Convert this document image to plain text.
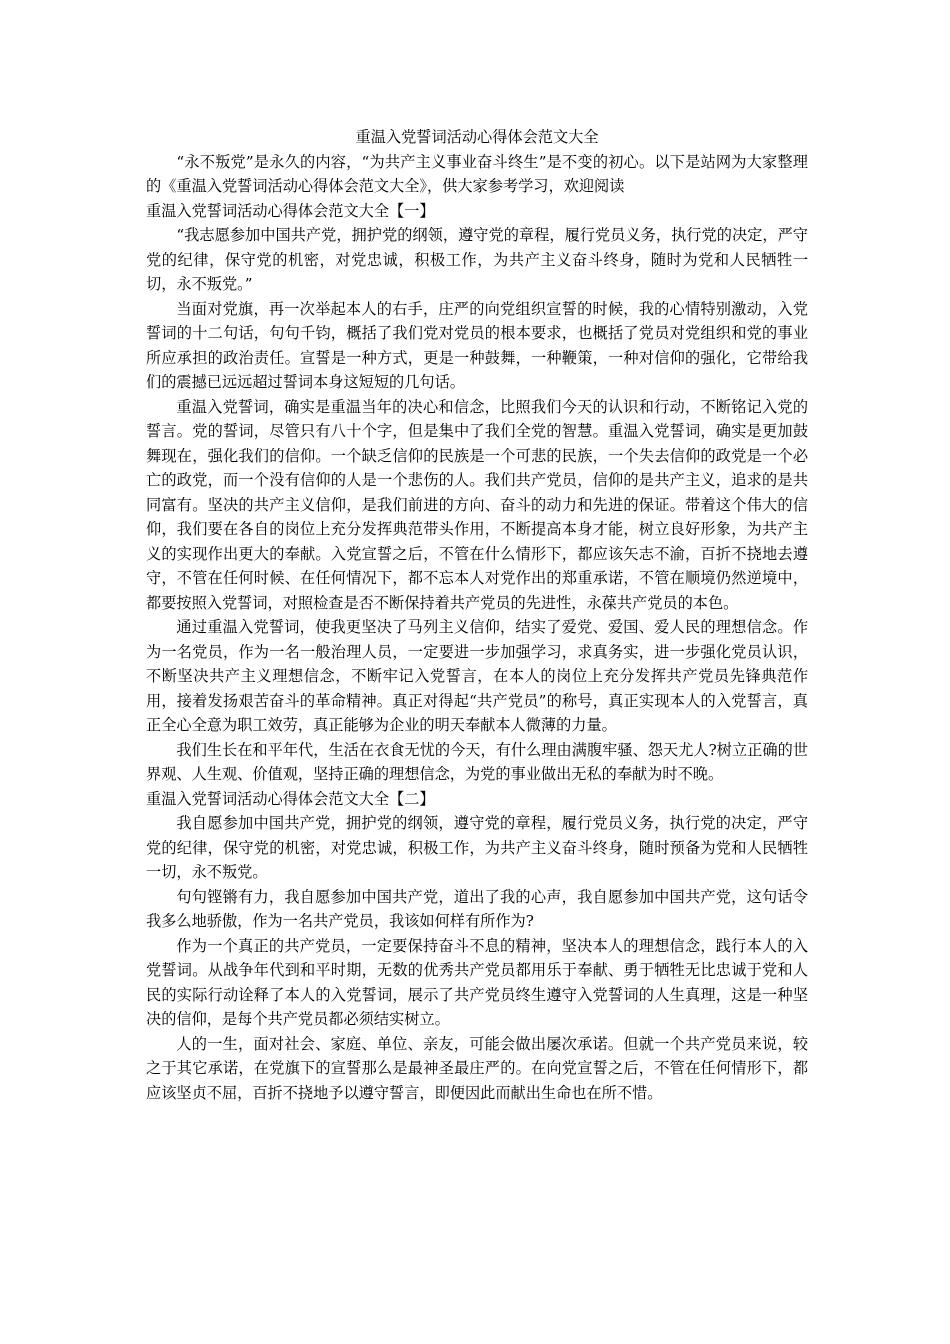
重温入党誓词活动心得体会范文大全

“永不叛党”是永久的内容，“为共产主义事业奋斗终生”是不变的初心。以下是站网为大家整理的《重温入党誓词活动心得体会范文大全》，供大家参考学习，欢迎阅读

重温入党誓词活动心得体会范文大全【一】

“我志愿参加中国共产党，拥护党的纲领，遵守党的章程，履行党员义务，执行党的决定，严守党的纪律，保守党的机密，对党忠诚，积极工作，为共产主义奋斗终身，随时为党和人民牺牲一切，永不叛党。”

当面对党旗，再一次举起本人的右手，庄严的向党组织宣誓的时候，我的心情特别激动，入党誓词的十二句话，句句千钧，概括了我们党对党员的根本要求，也概括了党员对党组织和党的事业所应承担的政治责任。宣誓是一种方式，更是一种鼓舞，一种鞭策，一种对信仰的强化，它带给我们的震撼已远远超过誓词本身这短短的几句话。

重温入党誓词，确实是重温当年的决心和信念，比照我们今天的认识和行动，不断铭记入党的誓言。党的誓词，尽管只有八十个字，但是集中了我们全党的智慧。重温入党誓词，确实是更加鼓舞现在，强化我们的信仰。一个缺乏信仰的民族是一个可悲的民族，一个失去信仰的政党是一个必亡的政党，而一个没有信仰的人是一个悲伤的人。我们共产党员，信仰的是共产主义，追求的是共同富有。坚决的共产主义信仰，是我们前进的方向、奋斗的动力和先进的保证。带着这个伟大的信仰，我们要在各自的岗位上充分发挥典范带头作用，不断提高本身才能，树立良好形象，为共产主义的实现作出更大的奉献。入党宣誓之后，不管在什么情形下，都应该矢志不渝，百折不挠地去遵守，不管在任何时候、在任何情况下，都不忘本人对党作出的郑重承诺，不管在顺境仍然逆境中，都要按照入党誓词，对照检查是否不断保持着共产党员的先进性，永葆共产党员的本色。

通过重温入党誓词，使我更坚决了马列主义信仰，结实了爱党、爱国、爱人民的理想信念。作为一名党员，作为一名一般治理人员，一定要进一步加强学习，求真务实，进一步强化党员认识，不断坚决共产主义理想信念，不断牢记入党誓言，在本人的岗位上充分发挥共产党员先锋典范作用，接着发扬艰苦奋斗的革命精神。真正对得起“共产党员”的称号，真正实现本人的入党誓言，真正全心全意为职工效劳，真正能够为企业的明天奉献本人微薄的力量。

我们生长在和平年代，生活在衣食无忧的今天，有什么理由满腹牢骚、怨天尤人?树立正确的世界观、人生观、价值观，坚持正确的理想信念，为党的事业做出无私的奉献为时不晚。

重温入党誓词活动心得体会范文大全【二】

我自愿参加中国共产党，拥护党的纲领，遵守党的章程，履行党员义务，执行党的决定，严守党的纪律，保守党的机密，对党忠诚，积极工作，为共产主义奋斗终身，随时预备为党和人民牺牲一切，永不叛党。

句句铿锵有力，我自愿参加中国共产党，道出了我的心声，我自愿参加中国共产党，这句话令我多么地骄傲，作为一名共产党员，我该如何样有所作为?

作为一个真正的共产党员，一定要保持奋斗不息的精神，坚决本人的理想信念，践行本人的入党誓词。从战争年代到和平时期，无数的优秀共产党员都用乐于奉献、勇于牺牲无比忠诚于党和人民的实际行动诠释了本人的入党誓词，展示了共产党员终生遵守入党誓词的人生真理，这是一种坚决的信仰，是每个共产党员都必须结实树立。

人的一生，面对社会、家庭、单位、亲友，可能会做出屡次承诺。但就一个共产党员来说，较之于其它承诺，在党旗下的宣誓那么是最神圣最庄严的。在向党宣誓之后，不管在任何情形下，都应该坚贞不屈，百折不挠地予以遵守誓言，即便因此而献出生命也在所不惜。
